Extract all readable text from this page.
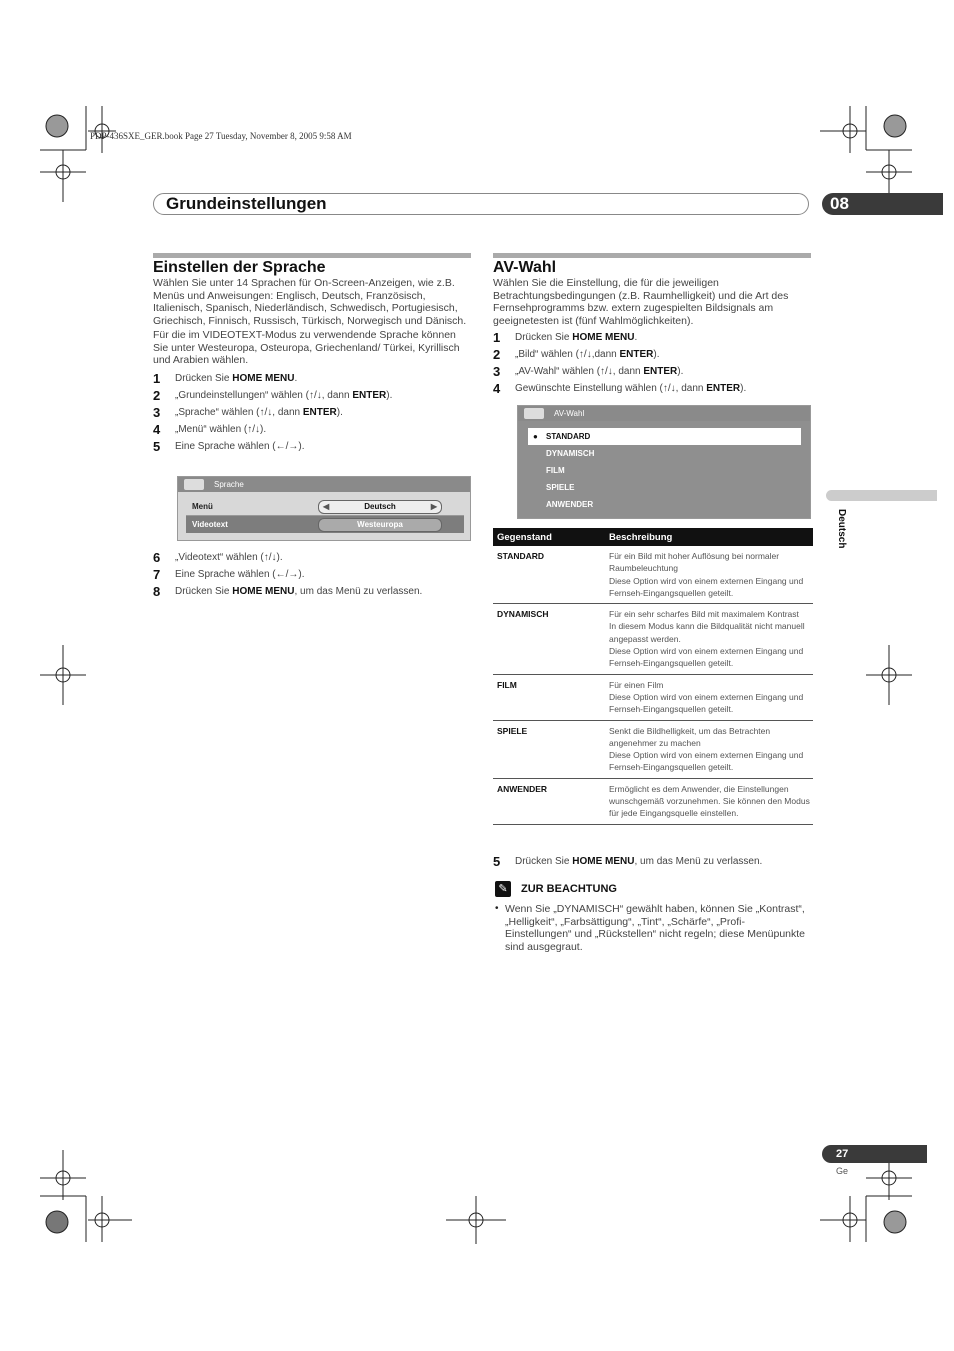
PDP-436SXE_GER.book Page 27 Tuesday, November 8, 2005 9:58 AM
Grundeinstellungen	08
Einstellen der Sprache
Wählen Sie unter 14 Sprachen für On-Screen-Anzeigen, wie z.B. Menüs und Anweisungen: Englisch, Deutsch, Französisch, Italienisch, Spanisch, Niederländisch, Schwedisch, Portugiesisch, Griechisch, Finnisch, Russisch, Türkisch, Norwegisch und Dänisch.
Für die im VIDEOTEXT-Modus zu verwendende Sprache können Sie unter Westeuropa, Osteuropa, Griechenland/ Türkei, Kyrillisch und Arabien wählen.
1 Drücken Sie HOME MENU.
2 „Grundeinstellungen“ wählen (↑/↓, dann ENTER).
3 „Sprache“ wählen (↑/↓, dann ENTER).
4 „Menü“ wählen (↑/↓).
5 Eine Sprache wählen (←/→).
Sprache
Menü	◀	Deutsch	▶
Videotext	Westeuropa
6 „Videotext“ wählen (↑/↓).
7 Eine Sprache wählen (←/→).
8 Drücken Sie HOME MENU, um das Menü zu verlassen.
AV-Wahl
Wählen Sie die Einstellung, die für die jeweiligen Betrachtungsbedingungen (z.B. Raumhelligkeit) und die Art des Fernsehprogramms bzw. extern zugespielten Bildsignals am geeignetesten ist (fünf Wahlmöglichkeiten).
1 Drücken Sie HOME MENU.
2 „Bild“ wählen (↑/↓,dann ENTER).
3 „AV-Wahl“ wählen (↑/↓, dann ENTER).
4 Gewünschte Einstellung wählen (↑/↓, dann ENTER).
AV-Wahl
● STANDARD
DYNAMISCH
FILM
SPIELE
ANWENDER
Gegenstand	Beschreibung
STANDARD	Für ein Bild mit hoher Auflösung bei normaler Raumbeleuchtung
Diese Option wird von einem externen Eingang und Fernseh-Eingangsquellen geteilt.
DYNAMISCH	Für ein sehr scharfes Bild mit maximalem Kontrast
In diesem Modus kann die Bildqualität nicht manuell angepasst werden.
Diese Option wird von einem externen Eingang und Fernseh-Eingangsquellen geteilt.
FILM	Für einen Film
Diese Option wird von einem externen Eingang und Fernseh-Eingangsquellen geteilt.
SPIELE	Senkt die Bildhelligkeit, um das Betrachten angenehmer zu machen
Diese Option wird von einem externen Eingang und Fernseh-Eingangsquellen geteilt.
ANWENDER	Ermöglicht es dem Anwender, die Einstellungen wunschgemäß vorzunehmen. Sie können den Modus für jede Eingangsquelle einstellen.
5 Drücken Sie HOME MENU, um das Menü zu verlassen.
✎	ZUR BEACHTUNG
• Wenn Sie „DYNAMISCH“ gewählt haben, können Sie „Kontrast“, „Helligkeit“, „Farbsättigung“, „Tint“, „Schärfe“, „Profi-Einstellungen“ und „Rückstellen“ nicht regeln; diese Menüpunkte sind ausgegraut.
Deutsch
27
Ge
